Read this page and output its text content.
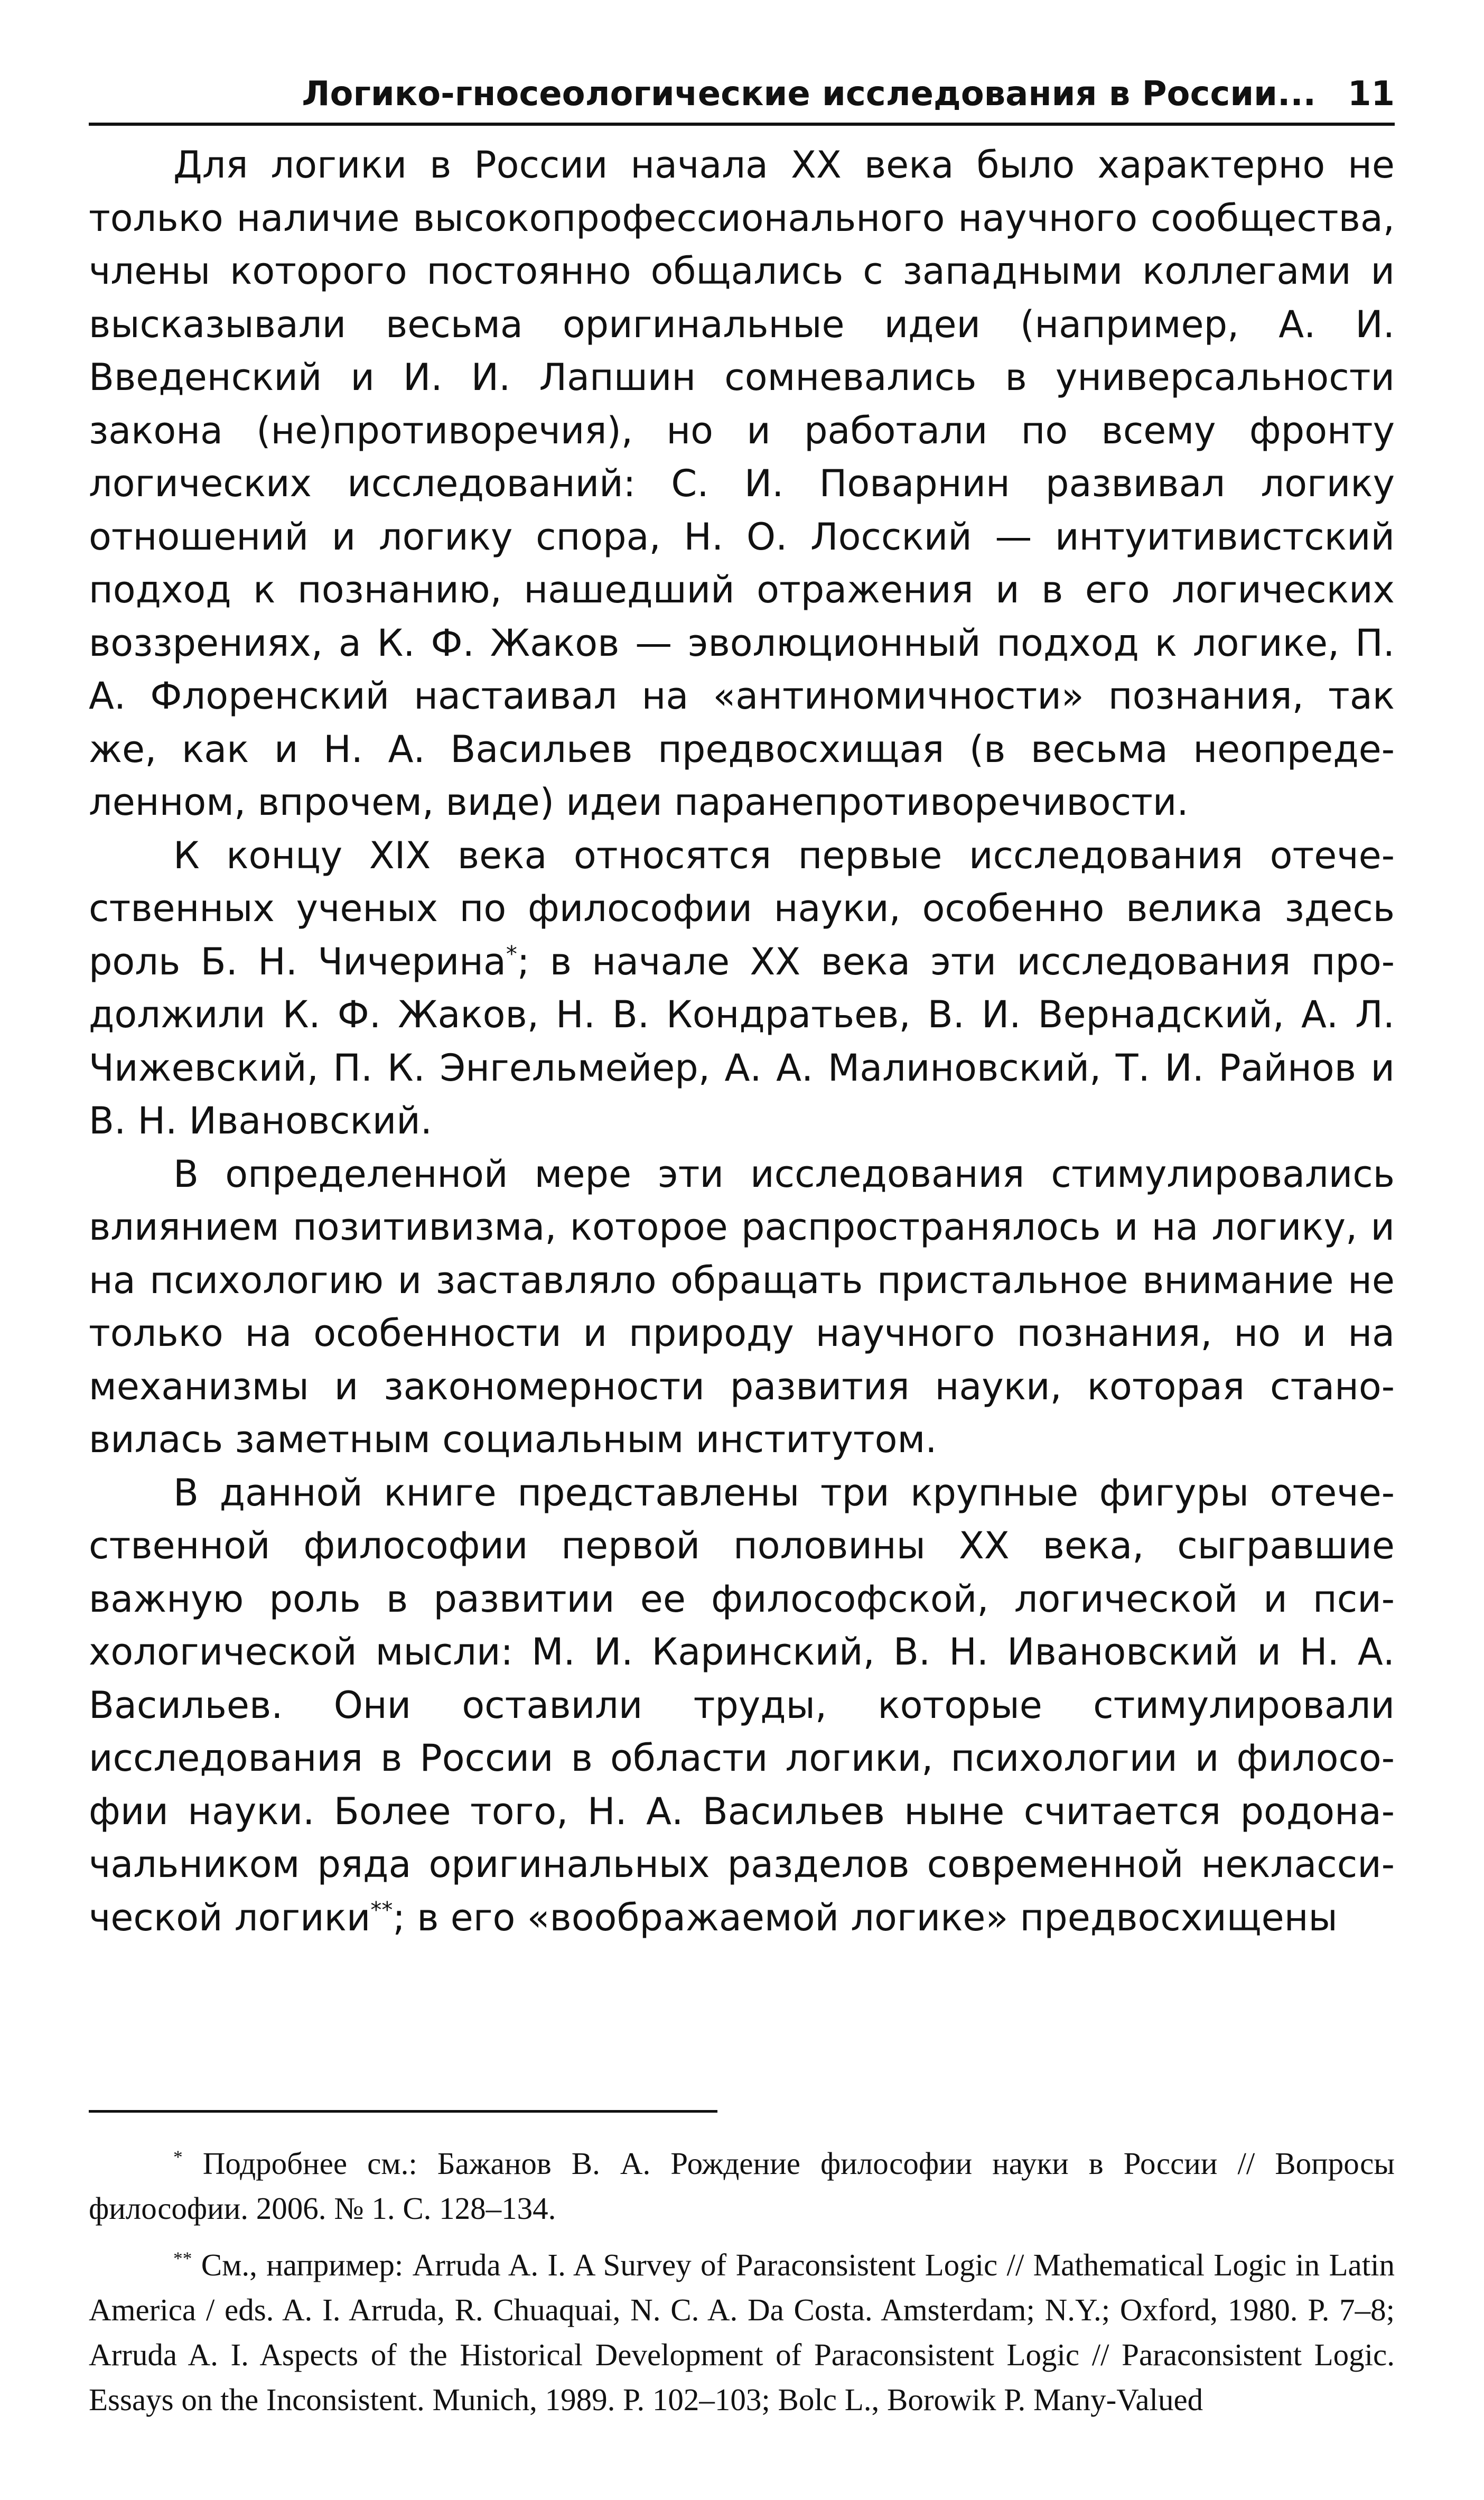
Логико-гносеологические исследования в России... 11

Для логики в России начала XX века было характерно не только наличие высокопрофессионального научного сообщества, члены которого постоянно общались с западными коллегами и высказывали весьма оригинальные идеи (например, А. И. Введенский и И. И. Лапшин сомневались в универсальности закона (не)противоречия), но и работали по всему фронту логических исследований: С. И. Поварнин развивал логику отношений и логику спора, Н. О. Лосский — интуитивистский подход к познанию, нашедший отражения и в его логических воззрениях, а К. Ф. Жаков — эволюционный подход к логике, П. А. Флоренский настаивал на «антиномичности» познания, так же, как и Н. А. Васильев предвосхищая (в весьма неопределенном, впрочем, виде) идеи паранепротиворечивости.

К концу XIX века относятся первые исследования отечественных ученых по философии науки, особенно велика здесь роль Б. Н. Чичерина*; в начале XX века эти исследования продолжили К. Ф. Жаков, Н. В. Кондратьев, В. И. Вернадский, А. Л. Чижевский, П. К. Энгельмейер, А. А. Малиновский, Т. И. Райнов и В. Н. Ивановский.

В определенной мере эти исследования стимулировались влиянием позитивизма, которое распространялось и на логику, и на психологию и заставляло обращать пристальное внимание не только на особенности и природу научного познания, но и на механизмы и закономерности развития науки, которая становилась заметным социальным институтом.

В данной книге представлены три крупные фигуры отечественной философии первой половины XX века, сыгравшие важную роль в развитии ее философской, логической и психологической мысли: М. И. Каринский, В. Н. Ивановский и Н. А. Васильев. Они оставили труды, которые стимулировали исследования в России в области логики, психологии и философии науки. Более того, Н. А. Васильев ныне считается родоначальником ряда оригинальных разделов современной неклассической логики**; в его «воображаемой логике» предвосхищены

* Подробнее см.: Бажанов В. А. Рождение философии науки в России // Вопросы философии. 2006. № 1. С. 128–134.

** См., например: Arruda A. I. A Survey of Paraconsistent Logic // Mathematical Logic in Latin America / eds. A. I. Arruda, R. Chuaquai, N. C. A. Da Costa. Amsterdam; N.Y.; Oxford, 1980. P. 7–8; Arruda A. I. Aspects of the Historical Development of Paraconsistent Logic // Paraconsistent Logic. Essays on the Inconsistent. Munich, 1989. P. 102–103; Bolc L., Borowik P. Many-Valued
